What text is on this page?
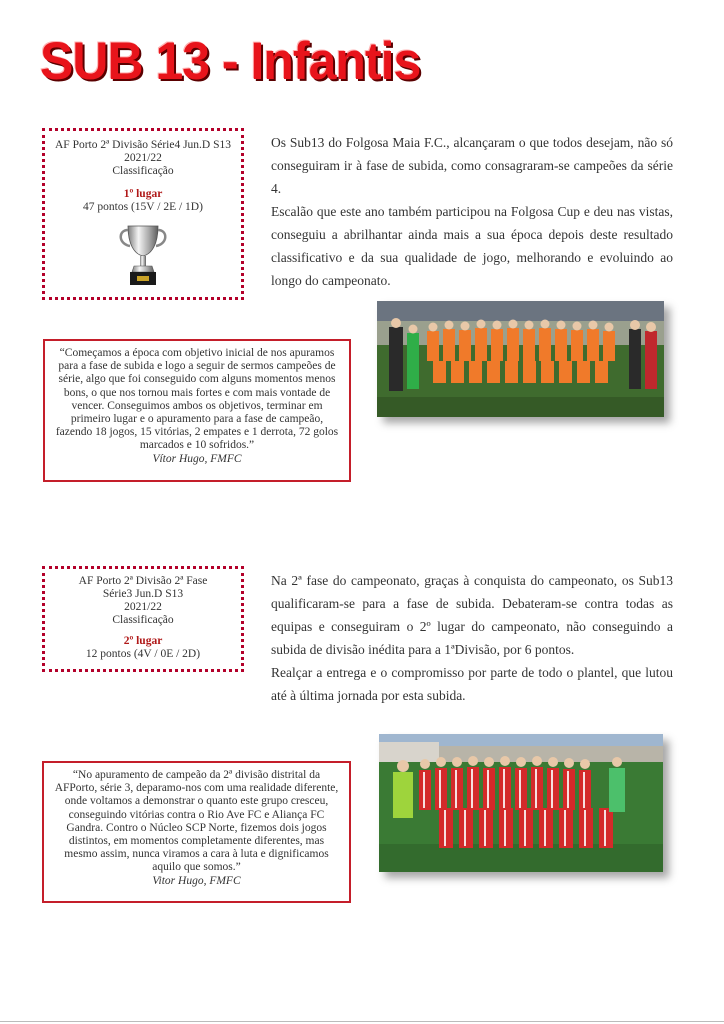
SUB 13 - Infantis
AF Porto 2ª Divisão Série4 Jun.D S13
2021/22
Classificação
1º lugar
47 pontos (15V / 2E / 1D)

Os Sub13 do Folgosa Maia F.C., alcançaram o que todos desejam, não só conseguiram ir à fase de subida, como consagraram-se campeões da série 4.

Escalão que este ano também participou na Folgosa Cup e deu nas vistas, conseguiu a abrilhantar ainda mais a sua época depois deste resultado classificativo e da sua qualidade de jogo, melhorando e evoluindo ao longo do campeonato.

“Começamos a época com objetivo inicial de nos apuramos para a fase de subida e logo a seguir de sermos campeões de série, algo que foi conseguido com alguns momentos menos bons, o que nos tornou mais fortes e com mais vontade de vencer. Conseguimos ambos os objetivos, terminar em primeiro lugar e o apuramento para a fase de campeão, fazendo 18 jogos, 15 vitórias, 2 empates e 1 derrota, 72 golos marcados e 10 sofridos.”
Vítor Hugo, FMFC
AF Porto 2ª Divisão 2ª Fase
Série3 Jun.D S13
2021/22
Classificação
2º lugar
12 pontos (4V / 0E / 2D)

Na 2ª fase do campeonato, graças à conquista do campeonato, os Sub13 qualificaram-se para a fase de subida. Debateram-se contra todas as equipas e conseguiram o 2º lugar do campeonato, não conseguindo a subida de divisão inédita para a 1ªDivisão, por 6 pontos.

Realçar a entrega e o compromisso por parte de todo o plantel, que lutou até à última jornada por esta subida.

“No apuramento de campeão da 2ª divisão distrital da AFPorto, série 3, deparamo-nos com uma realidade diferente, onde voltamos a demonstrar o quanto este grupo cresceu, conseguindo vitórias contra o Rio Ave FC e Aliança FC Gandra. Contro o Núcleo SCP Norte, fizemos dois jogos distintos, em momentos completamente diferentes, mas mesmo assim, nunca viramos a cara à luta e dignificamos aquilo que somos.”
Vitor Hugo, FMFC
